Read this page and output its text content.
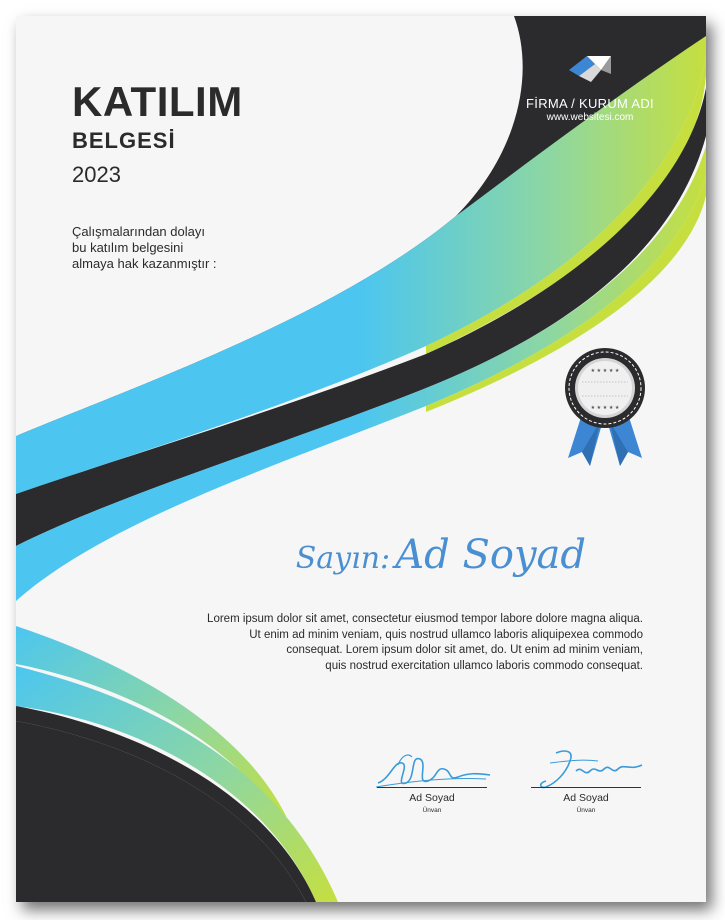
KATILIM
BELGESİ
2023
Çalışmalarından dolayı
bu katılım belgesini
almaya hak kazanmıştır :
FİRMA / KURUM ADI
www.websitesi.com
★ ★ ★ ★ ★
★ ★ ★ ★ ★
Sayın: Ad Soyad
Lorem ipsum dolor sit amet, consectetur eiusmod tempor labore dolore magna aliqua.
Ut enim ad minim veniam, quis nostrud ullamco laboris aliquipexea commodo
consequat. Lorem ipsum dolor sit amet, do. Ut enim ad minim veniam,
quis nostrud exercitation ullamco laboris commodo consequat.
Ad Soyad
Ünvan
Ad Soyad
Ünvan
